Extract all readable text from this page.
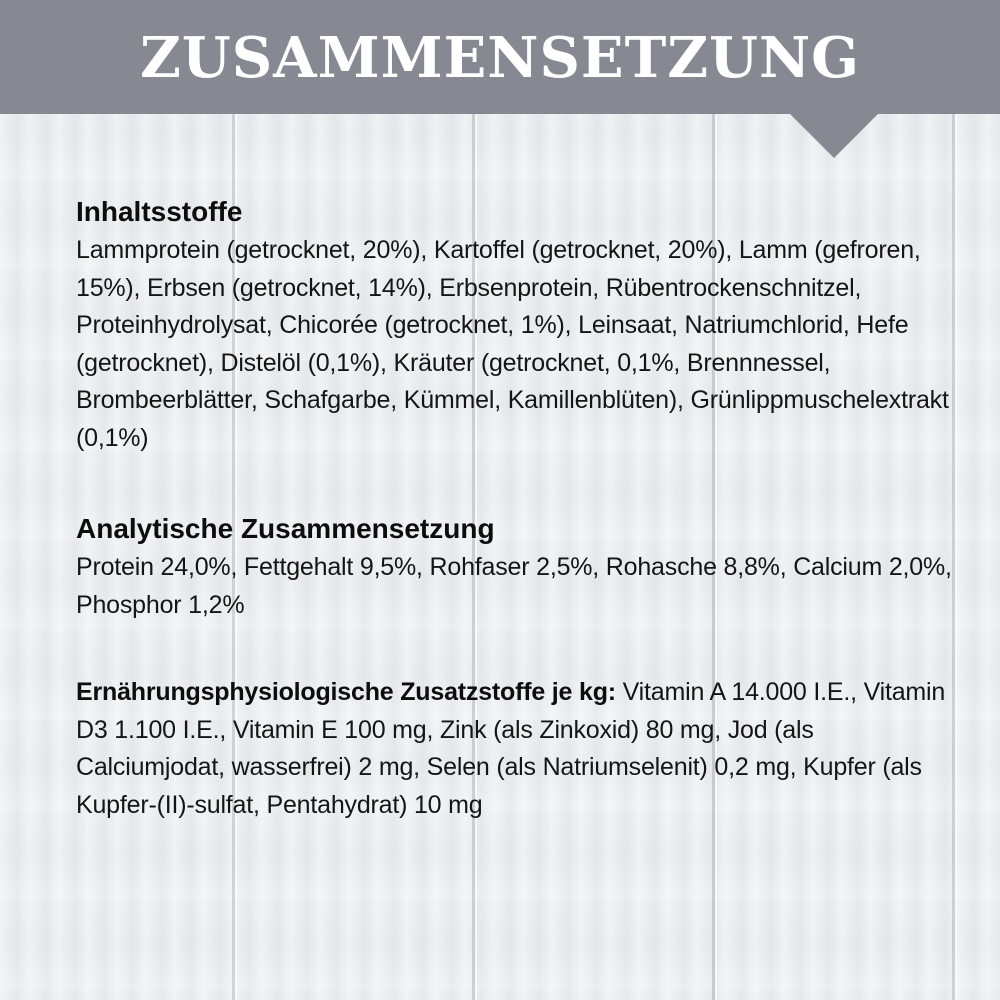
ZUSAMMENSETZUNG
Inhaltsstoffe

Lammprotein (getrocknet, 20%), Kartoffel (getrocknet, 20%), Lamm (gefroren, 15%), Erbsen (getrocknet, 14%), Erbsenprotein, Rübentrockenschnitzel, Proteinhydrolysat, Chicorée (getrocknet, 1%), Leinsaat, Natriumchlorid, Hefe (getrocknet), Distelöl (0,1%), Kräuter (getrocknet, 0,1%, Brennnessel, Brombeerblätter, Schafgarbe, Kümmel, Kamillenblüten), Grünlippmuschelextrakt (0,1%)

Analytische Zusammensetzung

Protein 24,0%, Fettgehalt 9,5%, Rohfaser 2,5%, Rohasche 8,8%, Calcium 2,0%, Phosphor 1,2%

Ernährungsphysiologische Zusatzstoffe je kg: Vitamin A 14.000 I.E., Vitamin D3 1.100 I.E., Vitamin E 100 mg, Zink (als Zinkoxid) 80 mg, Jod (als Calciumjodat, wasserfrei) 2 mg, Selen (als Natriumselenit) 0,2 mg, Kupfer (als Kupfer-(II)-sulfat, Pentahydrat) 10 mg
